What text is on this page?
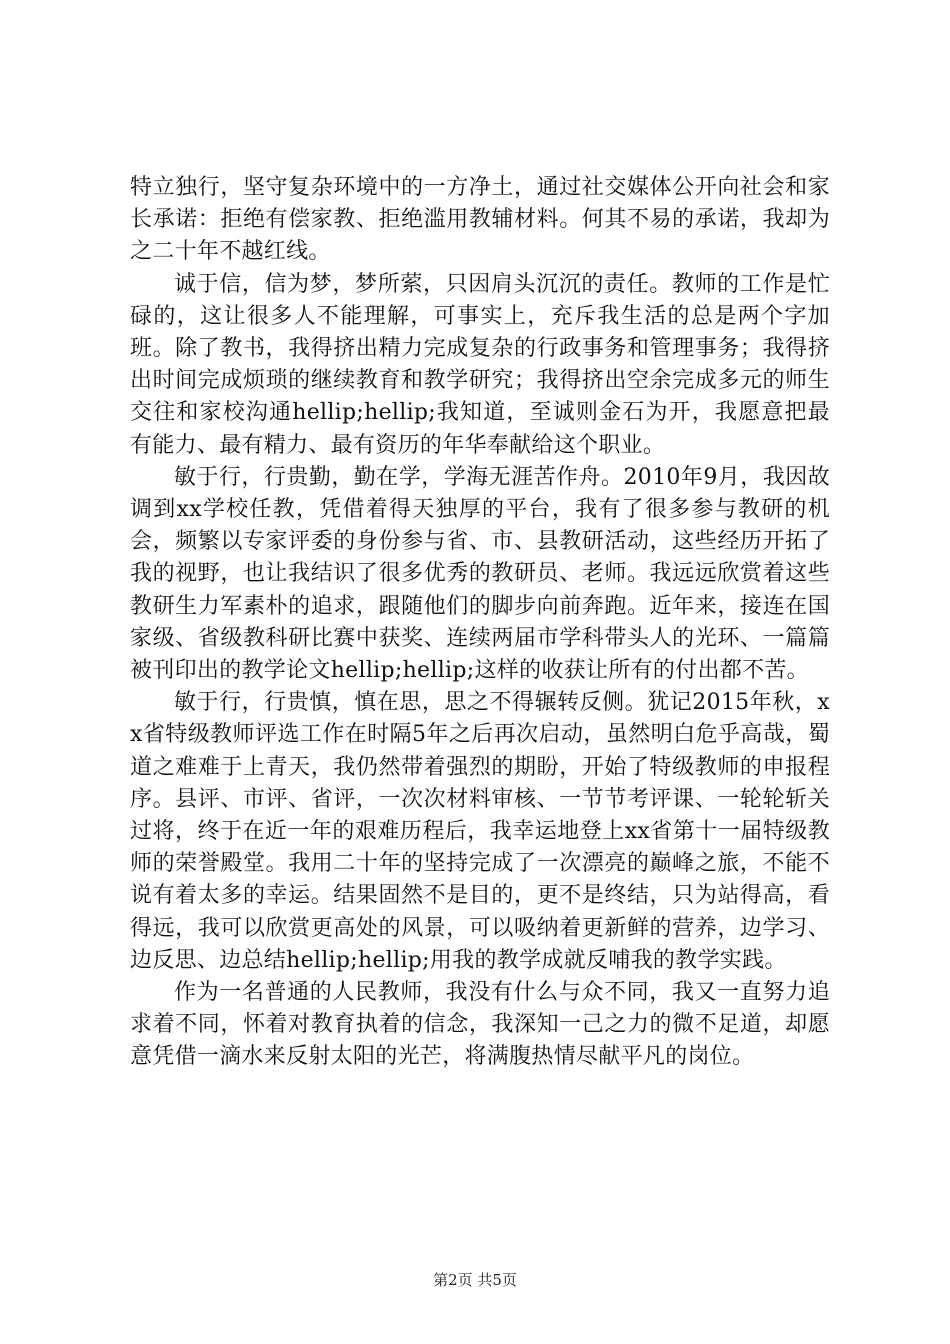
特立独行，坚守复杂环境中的一方净土，通过社交媒体公开向社会和家长承诺：拒绝有偿家教、拒绝滥用教辅材料。何其不易的承诺，我却为之二十年不越红线。

诚于信，信为梦，梦所萦，只因肩头沉沉的责任。教师的工作是忙碌的，这让很多人不能理解，可事实上，充斥我生活的总是两个字加班。除了教书，我得挤出精力完成复杂的行政事务和管理事务；我得挤出时间完成烦琐的继续教育和教学研究；我得挤出空余完成多元的师生交往和家校沟通hellip;hellip;我知道，至诚则金石为开，我愿意把最有能力、最有精力、最有资历的年华奉献给这个职业。

敏于行，行贵勤，勤在学，学海无涯苦作舟。2010年9月，我因故调到xx学校任教，凭借着得天独厚的平台，我有了很多参与教研的机会，频繁以专家评委的身份参与省、市、县教研活动，这些经历开拓了我的视野，也让我结识了很多优秀的教研员、老师。我远远欣赏着这些教研生力军素朴的追求，跟随他们的脚步向前奔跑。近年来，接连在国家级、省级教科研比赛中获奖、连续两届市学科带头人的光环、一篇篇被刊印出的教学论文hellip;hellip;这样的收获让所有的付出都不苦。

敏于行，行贵慎，慎在思，思之不得辗转反侧。犹记2015年秋，xx省特级教师评选工作在时隔5年之后再次启动，虽然明白危乎高哉，蜀道之难难于上青天，我仍然带着强烈的期盼，开始了特级教师的申报程序。县评、市评、省评，一次次材料审核、一节节考评课、一轮轮斩关过将，终于在近一年的艰难历程后，我幸运地登上xx省第十一届特级教师的荣誉殿堂。我用二十年的坚持完成了一次漂亮的巅峰之旅，不能不说有着太多的幸运。结果固然不是目的，更不是终结，只为站得高，看得远，我可以欣赏更高处的风景，可以吸纳着更新鲜的营养，边学习、边反思、边总结hellip;hellip;用我的教学成就反哺我的教学实践。

作为一名普通的人民教师，我没有什么与众不同，我又一直努力追求着不同，怀着对教育执着的信念，我深知一己之力的微不足道，却愿意凭借一滴水来反射太阳的光芒，将满腹热情尽献平凡的岗位。

第2页 共5页
